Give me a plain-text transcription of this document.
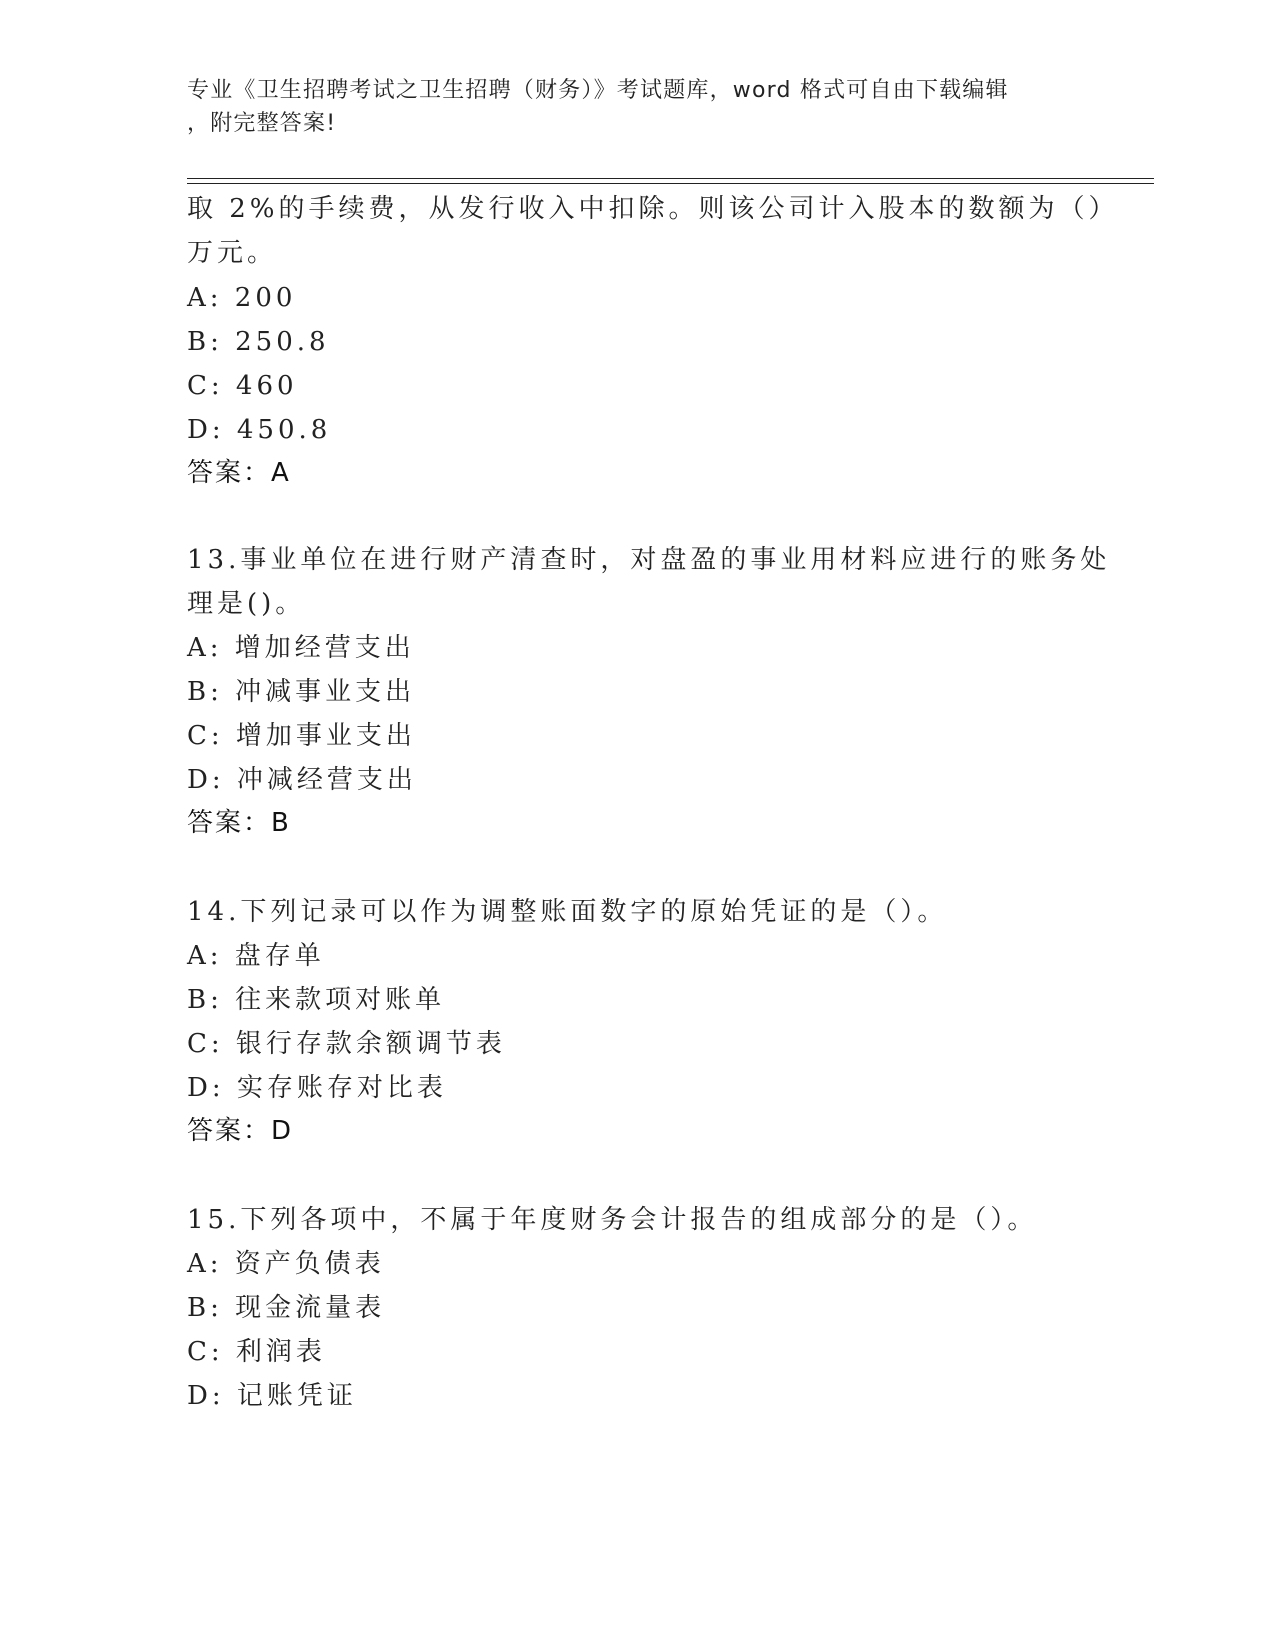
专业《卫生招聘考试之卫生招聘（财务）》考试题库，word 格式可自由下载编辑
，附完整答案!
取 2%的手续费，从发行收入中扣除。则该公司计入股本的数额为（）
万元。
A: 200
B: 250.8
C: 460
D: 450.8
答案：A
13.事业单位在进行财产清查时，对盘盈的事业用材料应进行的账务处
理是()。
A: 增加经营支出
B: 冲减事业支出
C: 增加事业支出
D: 冲减经营支出
答案：B
14.下列记录可以作为调整账面数字的原始凭证的是（）。
A: 盘存单
B: 往来款项对账单
C: 银行存款余额调节表
D: 实存账存对比表
答案：D
15.下列各项中，不属于年度财务会计报告的组成部分的是（）。
A: 资产负债表
B: 现金流量表
C: 利润表
D: 记账凭证
